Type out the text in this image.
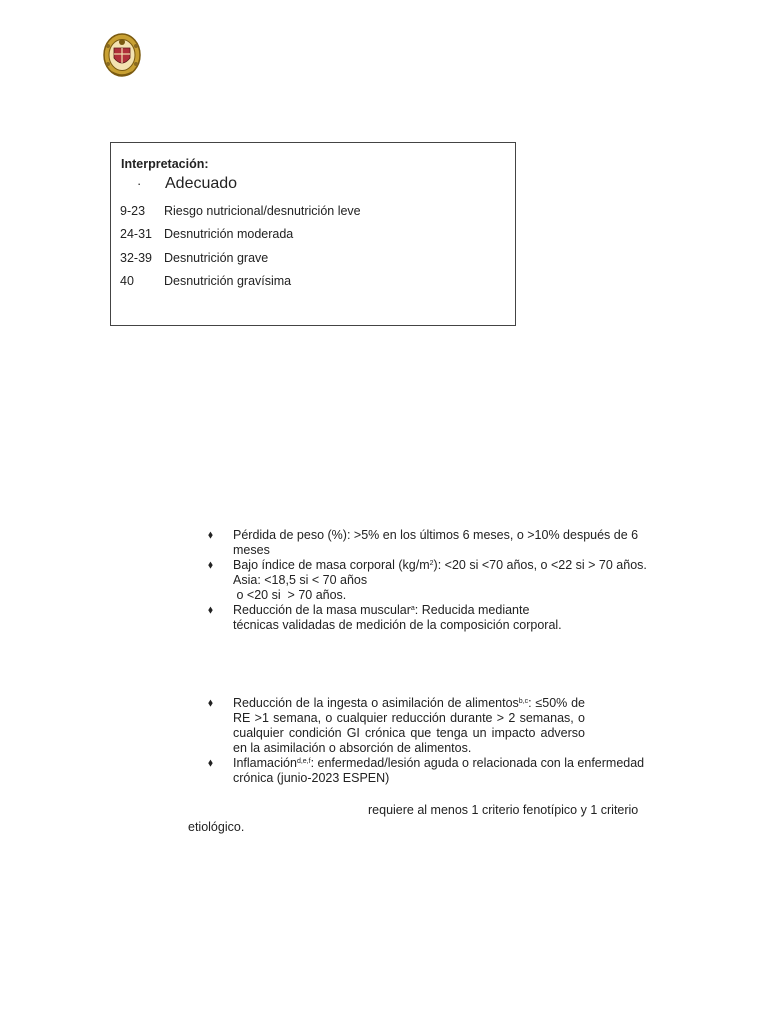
Interpretación:
· Adecuado
9-23 Riesgo nutricional/desnutrición leve
24-31 Desnutrición moderada
32-39 Desnutrición grave
40 Desnutrición gravísima
⬧ Pérdida de peso (%): >5% en los últimos 6 meses, o >10% después de 6 meses
⬧ Bajo índice de masa corporal $(kg/m^2)$: <20 si <70 años, o <22 si > 70 años.
Asia: <18,5 si < 70 años
o <20 si  > 70 años.
⬧ Reducción de la masa muscular$^a$: Reducida mediante
técnicas validadas de medición de la composición corporal.
⬧ Reducción de la ingesta o asimilación de alimentos$^{b,c}$: ≤50% de RE >1 semana, o cualquier reducción durante > 2 semanas, o cualquier condición GI crónica que tenga un impacto adverso en la asimilación o absorción de alimentos.
⬧ Inflamación$^{d,e,f}$: enfermedad/lesión aguda o relacionada con la enfermedad crónica (junio-2023 ESPEN)
requiere al menos 1 criterio fenotípico y 1 criterio
etiológico.
